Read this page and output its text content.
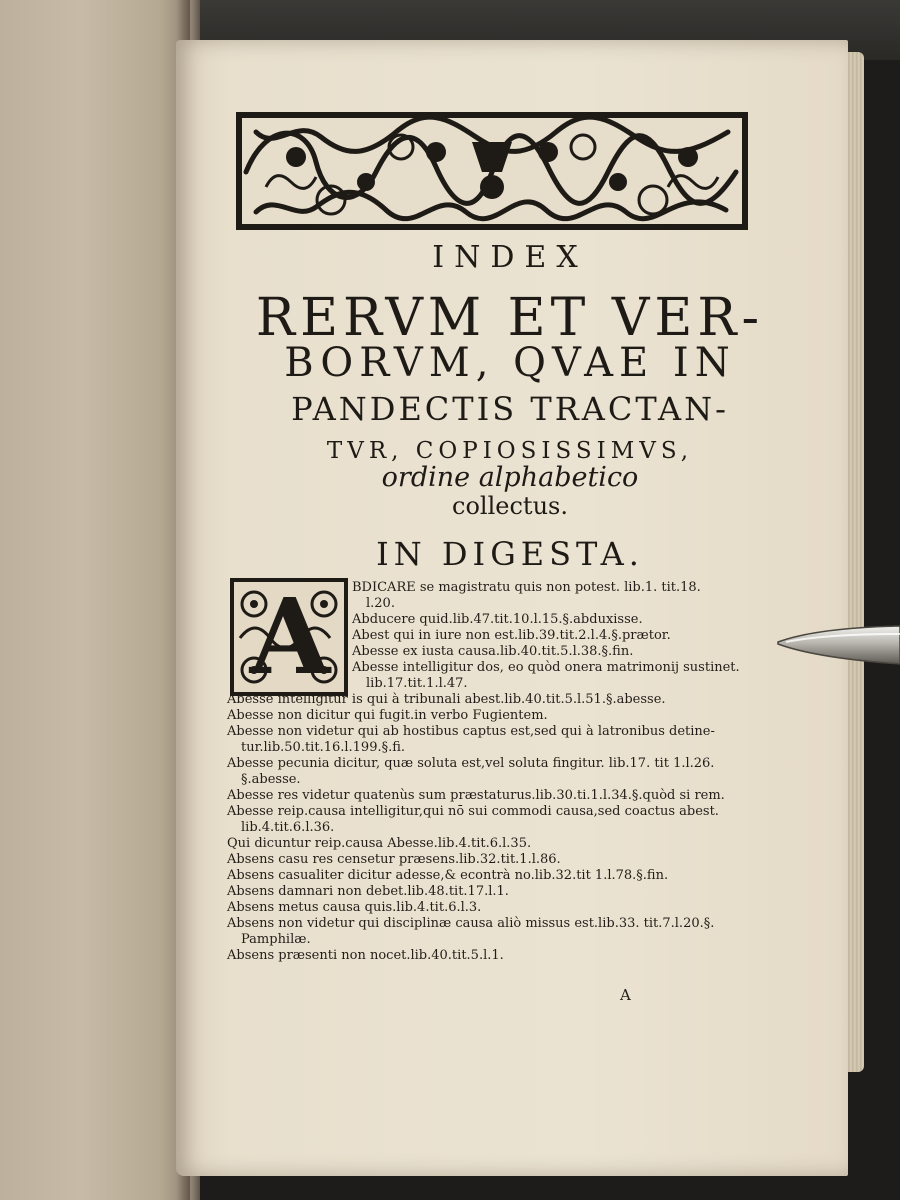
INDEX
RERVM ET VER-
BORVM, QVAE IN
PANDECTIS TRACTAN-
TVR, COPIOSISSIMVS,
ordine alphabetico
collectus.
IN DIGESTA.
A BDICARE se magistratu quis non potest. lib.1. tit.18.
l.20.
Abducere quid.lib.47.tit.10.l.15.§.abduxisse.
Abest qui in iure non est.lib.39.tit.2.l.4.§.prætor.
Abesse ex iusta causa.lib.40.tit.5.l.38.§.fin.
Abesse intelligitur dos, eo quòd onera matrimonij sustinet.
lib.17.tit.1.l.47.
Abesse intelligitur is qui à tribunali abest.lib.40.tit.5.l.51.§.abesse.
Abesse non dicitur qui fugit.in verbo Fugientem.
Abesse non videtur qui ab hostibus captus est,sed qui à latronibus detine-
tur.lib.50.tit.16.l.199.§.fi.
Abesse pecunia dicitur, quæ soluta est,vel soluta fingitur. lib.17. tit 1.l.26.
§.abesse.
Abesse res videtur quatenùs sum præstaturus.lib.30.ti.1.l.34.§.quòd si rem.
Abesse reip.causa intelligitur,qui nō sui commodi causa,sed coactus abest.
lib.4.tit.6.l.36.
Qui dicuntur reip.causa Abesse.lib.4.tit.6.l.35.
Absens casu res censetur præsens.lib.32.tit.1.l.86.
Absens casualiter dicitur adesse,& econtrà no.lib.32.tit 1.l.78.§.fin.
Absens damnari non debet.lib.48.tit.17.l.1.
Absens metus causa quis.lib.4.tit.6.l.3.
Absens non videtur qui disciplinæ causa aliò missus est.lib.33. tit.7.l.20.§.
Pamphilæ.
Absens præsenti non nocet.lib.40.tit.5.l.1.
A
